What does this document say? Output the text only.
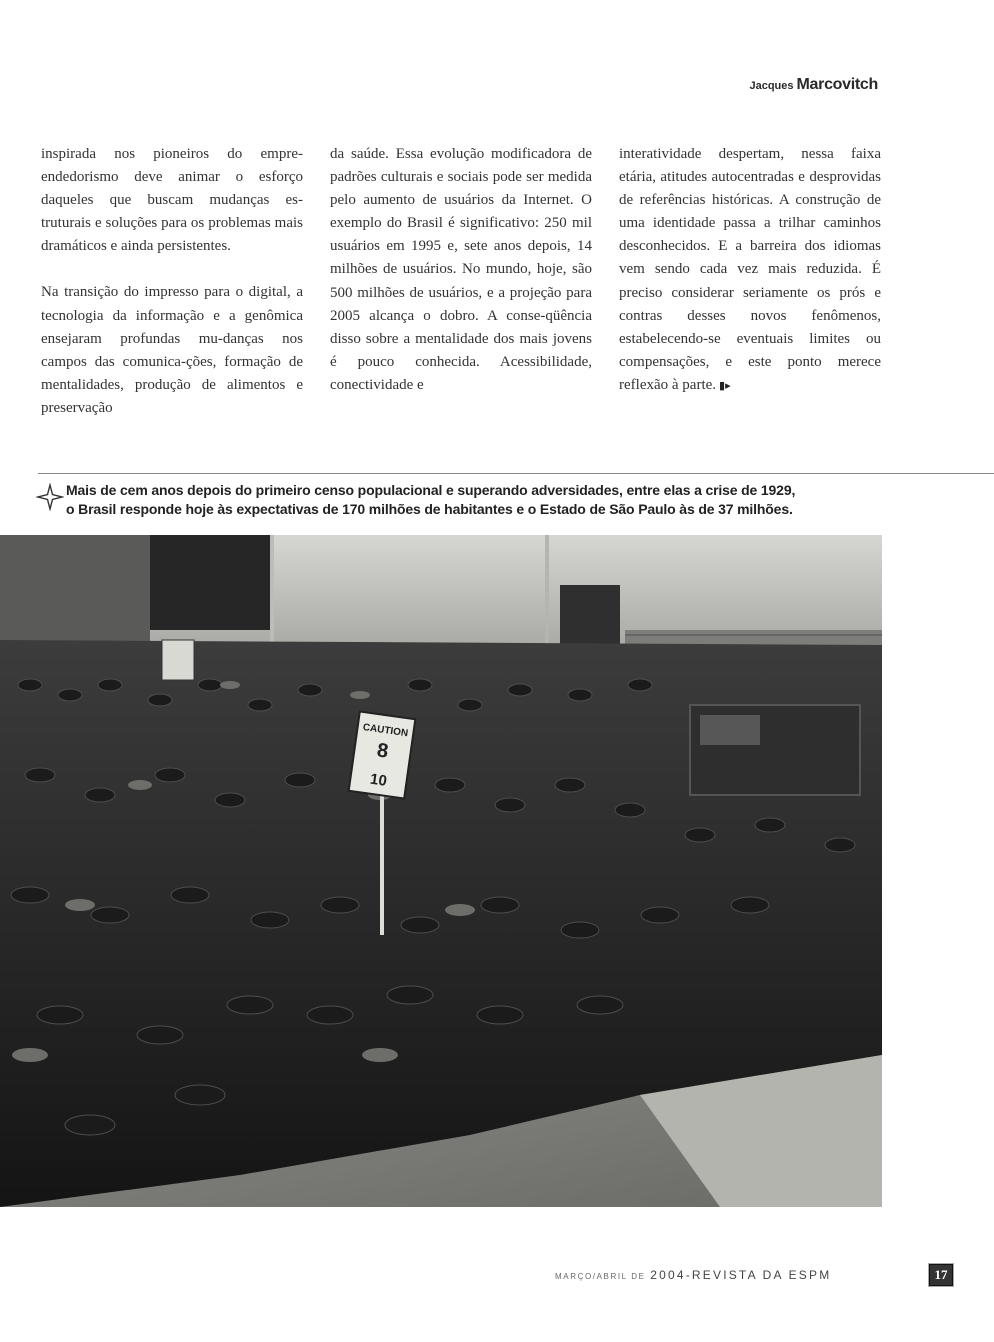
Jacques Marcovitch

inspirada nos pioneiros do empre-endedorismo deve animar o esforço daqueles que buscam mudanças es-truturais e soluções para os problemas mais dramáticos e ainda persistentes.

Na transição do impresso para o digital, a tecnologia da informação e a genômica ensejaram profundas mu-danças nos campos das comunica-ções, formação de mentalidades, produção de alimentos e preservação

da saúde. Essa evolução modificadora de padrões culturais e sociais pode ser medida pelo aumento de usuários da Internet. O exemplo do Brasil é significativo: 250 mil usuários em 1995 e, sete anos depois, 14 milhões de usuários. No mundo, hoje, são 500 milhões de usuários, e a projeção para 2005 alcança o dobro. A conse-qüência disso sobre a mentalidade dos mais jovens é pouco conhecida. Acessibilidade, conectividade e

interatividade despertam, nessa faixa etária, atitudes autocentradas e desprovidas de referências históricas. A construção de uma identidade passa a trilhar caminhos desconhecidos. E a barreira dos idiomas vem sendo cada vez mais reduzida. É preciso considerar seriamente os prós e contras desses novos fenômenos, estabelecendo-se eventuais limites ou compensações, e este ponto merece reflexão à parte. ▮▸

Mais de cem anos depois do primeiro censo populacional e superando adversidades, entre elas a crise de 1929,
o Brasil responde hoje às expectativas de 170 milhões de habitantes e o Estado de São Paulo às de 37 milhões.
CAUTION
8
10
MARÇO/ABRIL DE 2004-REVISTA DA ESPM	17
